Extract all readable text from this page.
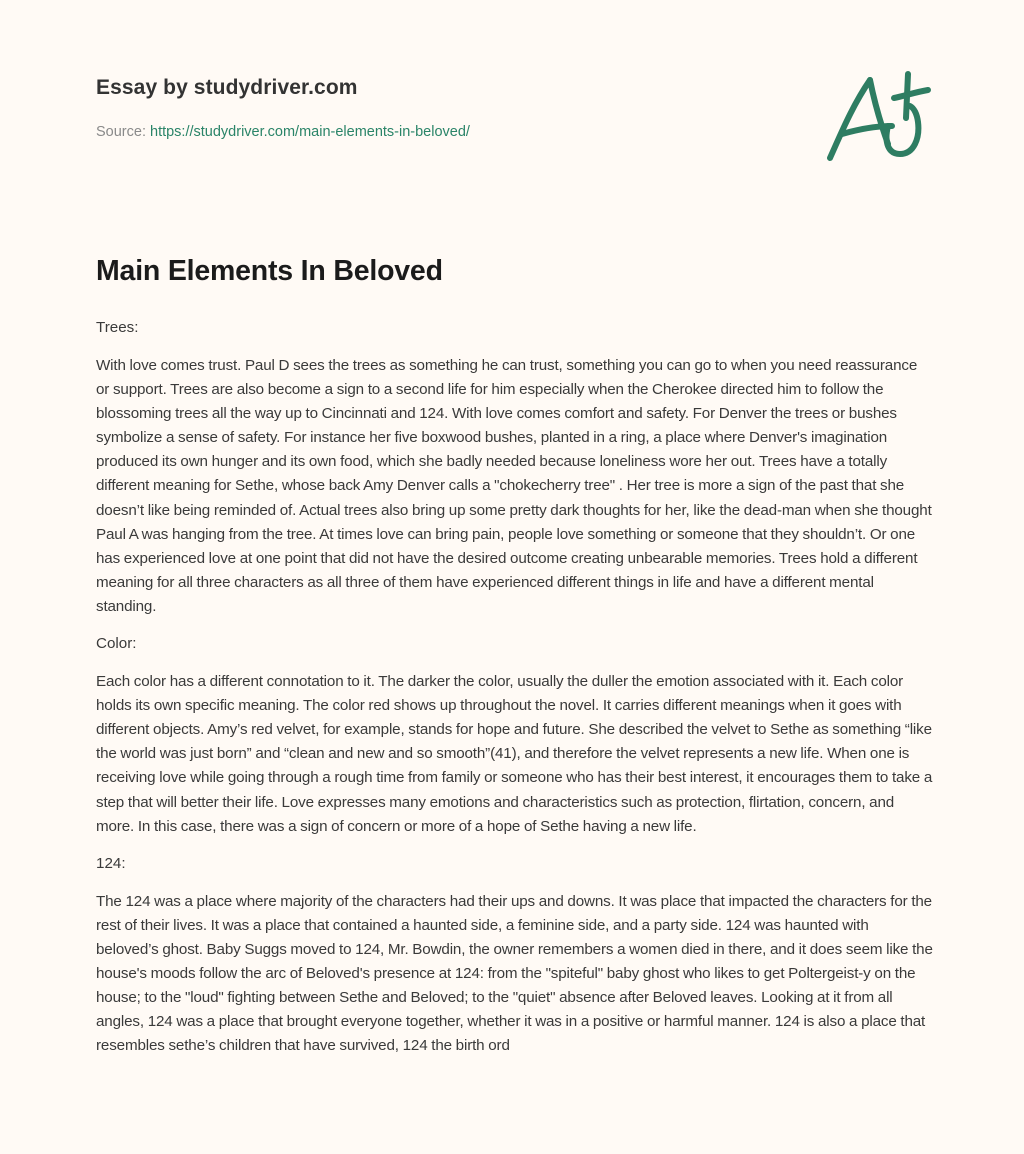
Essay by studydriver.com
Source: https://studydriver.com/main-elements-in-beloved/
Main Elements In Beloved

Trees:

With love comes trust. Paul D sees the trees as something he can trust, something you can go to when you need reassurance or support. Trees are also become a sign to a second life for him especially when the Cherokee directed him to follow the blossoming trees all the way up to Cincinnati and 124. With love comes comfort and safety. For Denver the trees or bushes symbolize a sense of safety. For instance her five boxwood bushes, planted in a ring, a place where Denver's imagination produced its own hunger and its own food, which she badly needed because loneliness wore her out. Trees have a totally different meaning for Sethe, whose back Amy Denver calls a "chokecherry tree" . Her tree is more a sign of the past that she doesn’t like being reminded of. Actual trees also bring up some pretty dark thoughts for her, like the dead-man when she thought Paul A was hanging from the tree. At times love can bring pain, people love something or someone that they shouldn’t. Or one has experienced love at one point that did not have the desired outcome creating unbearable memories. Trees hold a different meaning for all three characters as all three of them have experienced different things in life and have a different mental standing.

Color:

Each color has a different connotation to it. The darker the color, usually the duller the emotion associated with it. Each color holds its own specific meaning. The color red shows up throughout the novel. It carries different meanings when it goes with different objects. Amy’s red velvet, for example, stands for hope and future. She described the velvet to Sethe as something “like the world was just born” and “clean and new and so smooth”(41), and therefore the velvet represents a new life. When one is receiving love while going through a rough time from family or someone who has their best interest, it encourages them to take a step that will better their life. Love expresses many emotions and characteristics such as protection, flirtation, concern, and more. In this case, there was a sign of concern or more of a hope of Sethe having a new life.

124:

The 124 was a place where majority of the characters had their ups and downs. It was place that impacted the characters for the rest of their lives. It was a place that contained a haunted side, a feminine side, and a party side. 124 was haunted with beloved’s ghost. Baby Suggs moved to 124, Mr. Bowdin, the owner remembers a women died in there, and it does seem like the house's moods follow the arc of Beloved's presence at 124: from the "spiteful" baby ghost who likes to get Poltergeist-y on the house; to the "loud" fighting between Sethe and Beloved; to the "quiet" absence after Beloved leaves. Looking at it from all angles, 124 was a place that brought everyone together, whether it was in a positive or harmful manner. 124 is also a place that resembles sethe’s children that have survived, 124 the birth ord
